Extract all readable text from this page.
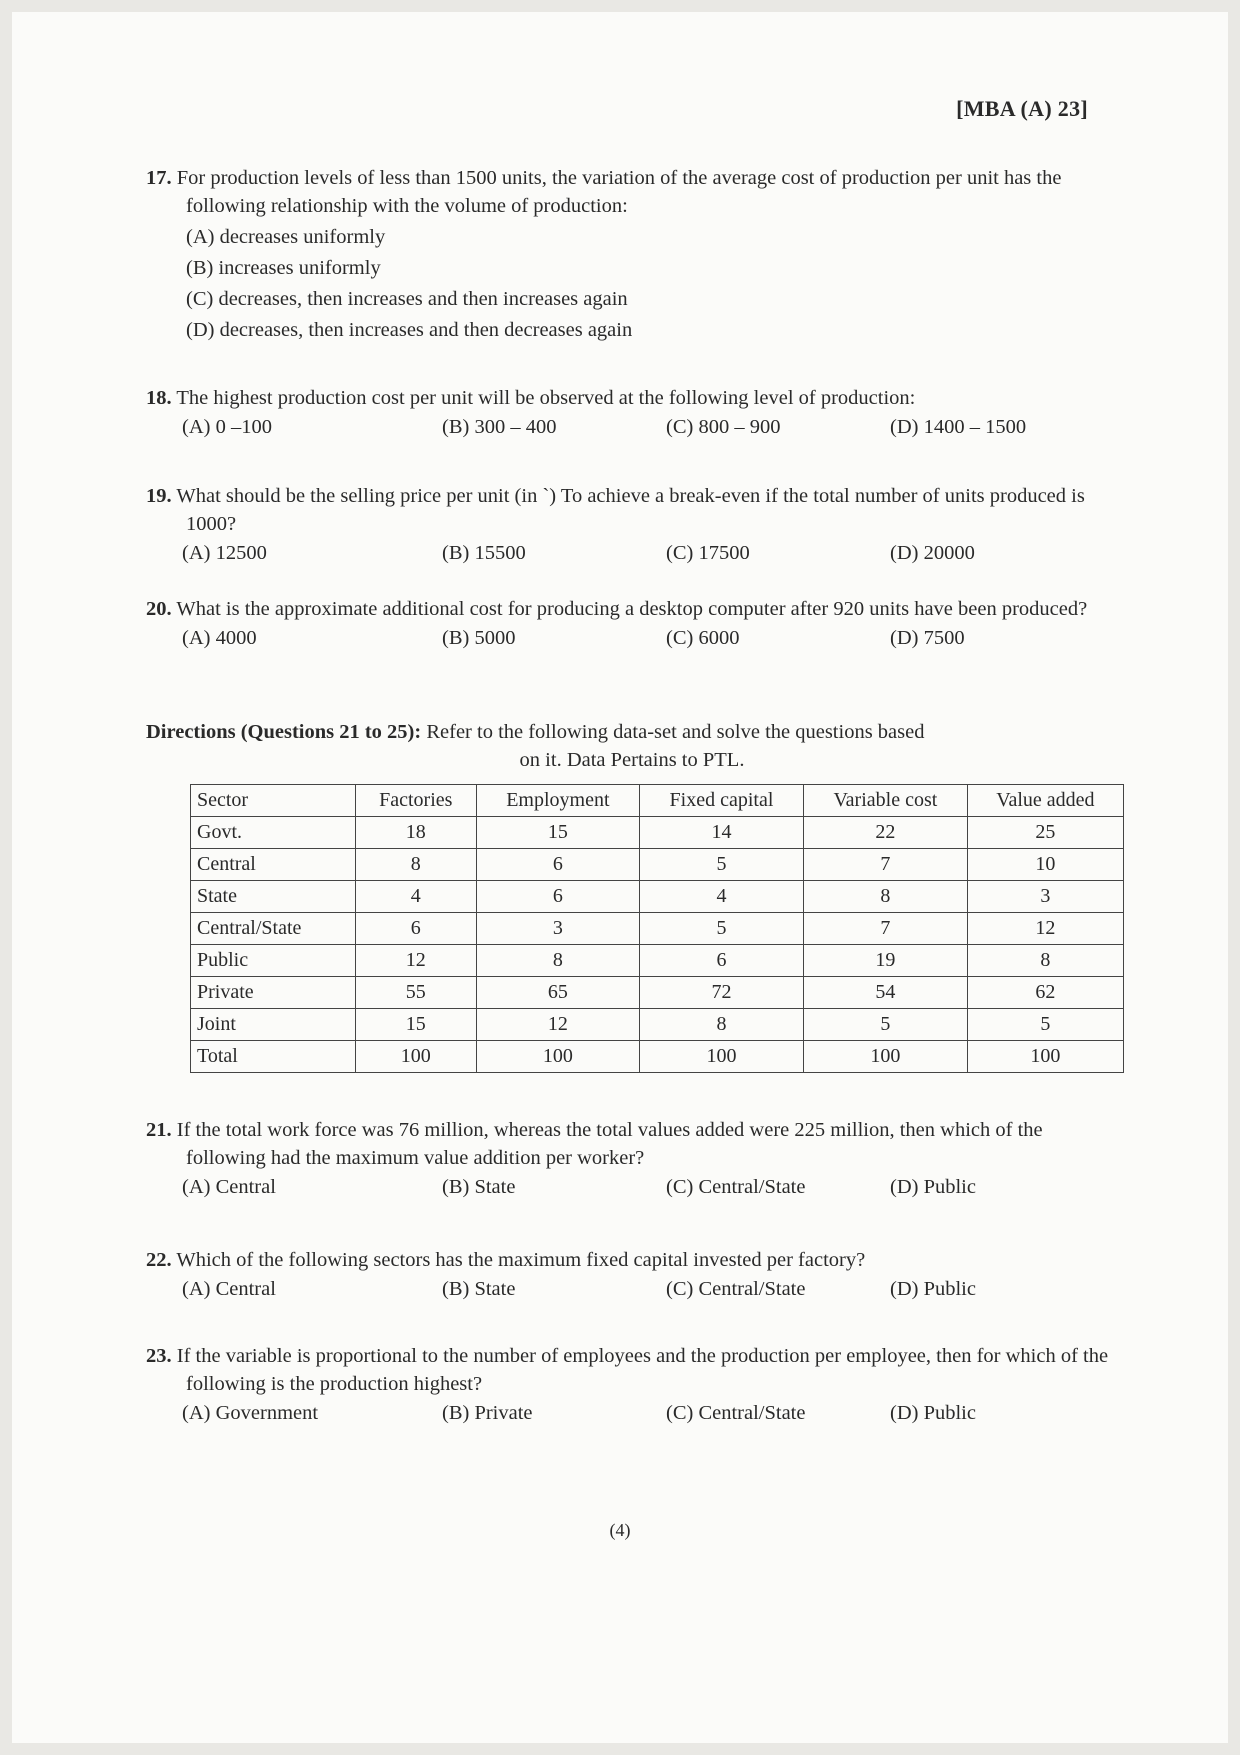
[MBA (A) 23]
17. For production levels of less than 1500 units, the variation of the average cost of production per unit has the following relationship with the volume of production:
(A) decreases uniformly
(B) increases uniformly
(C) decreases, then increases and then increases again
(D) decreases, then increases and then decreases again
18. The highest production cost per unit will be observed at the following level of production:
(A) 0 –100	(B) 300 – 400	(C) 800 – 900	(D) 1400 – 1500
19. What should be the selling price per unit (in `) To achieve a break-even if the total number of units produced is 1000?
(A) 12500	(B) 15500	(C) 17500	(D) 20000
20. What is the approximate additional cost for producing a desktop computer after 920 units have been produced?
(A) 4000	(B) 5000	(C) 6000	(D) 7500
Directions (Questions 21 to 25): Refer to the following data-set and solve the questions based
on it. Data Pertains to PTL.
Sector	Factories	Employment	Fixed capital	Variable cost	Value added
Govt.	18	15	14	22	25
Central	8	6	5	7	10
State	4	6	4	8	3
Central/State	6	3	5	7	12
Public	12	8	6	19	8
Private	55	65	72	54	62
Joint	15	12	8	5	5
Total	100	100	100	100	100
21. If the total work force was 76 million, whereas the total values added were 225 million, then which of the following had the maximum value addition per worker?
(A) Central	(B) State	(C) Central/State	(D) Public
22. Which of the following sectors has the maximum fixed capital invested per factory?
(A) Central	(B) State	(C) Central/State	(D) Public
23. If the variable is proportional to the number of employees and the production per employee, then for which of the following is the production highest?
(A) Government	(B) Private	(C) Central/State	(D) Public
(4)
